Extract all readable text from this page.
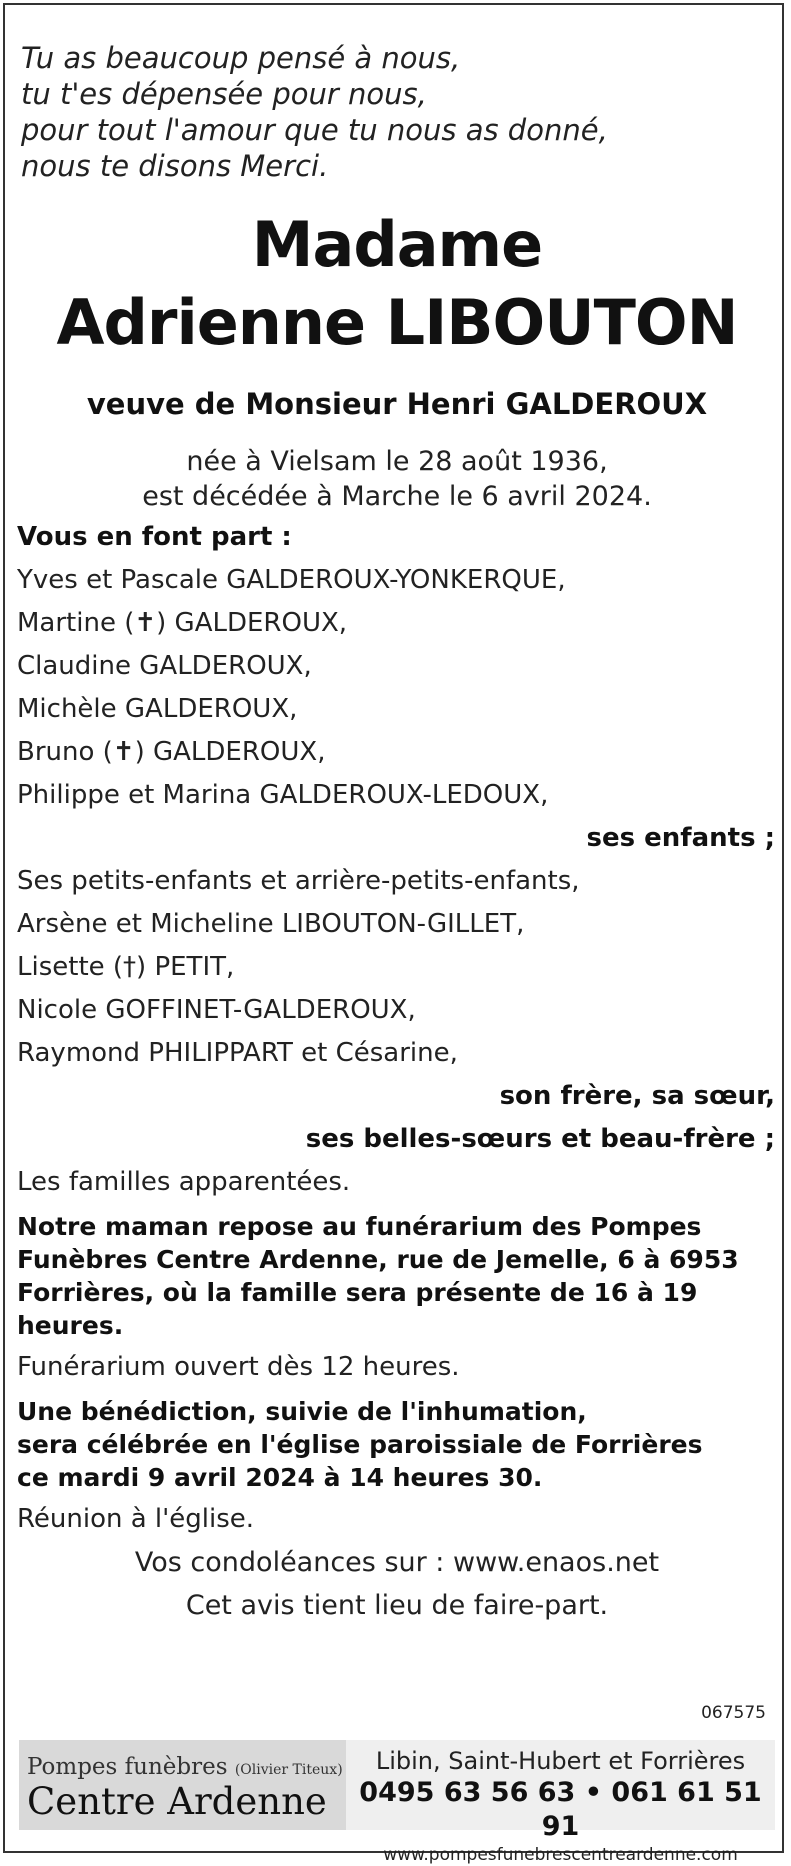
Tu as beaucoup pensé à nous,
tu t'es dépensée pour nous,
pour tout l'amour que tu nous as donné,
nous te disons Merci.
Madame
Adrienne LIBOUTON
veuve de Monsieur Henri GALDEROUX
née à Vielsam le 28 août 1936,
est décédée à Marche le 6 avril 2024.
Vous en font part :
Yves et Pascale GALDEROUX-YONKERQUE,
Martine (✝) GALDEROUX,
Claudine GALDEROUX,
Michèle GALDEROUX,
Bruno (✝) GALDEROUX,
Philippe et Marina GALDEROUX-LEDOUX,
ses enfants ;
Ses petits-enfants et arrière-petits-enfants,
Arsène et Micheline LIBOUTON-GILLET,
Lisette (†) PETIT,
Nicole GOFFINET-GALDEROUX,
Raymond PHILIPPART et Césarine,
son frère, sa sœur,
ses belles-sœurs et beau-frère ;
Les familles apparentées.
Notre maman repose au funérarium des Pompes
Funèbres Centre Ardenne, rue de Jemelle, 6 à 6953
Forrières, où la famille sera présente de 16 à 19 heures.
Funérarium ouvert dès 12 heures.
Une bénédiction, suivie de l'inhumation,
sera célébrée en l'église paroissiale de Forrières
ce mardi 9 avril 2024 à 14 heures 30.
Réunion à l'église.
Vos condoléances sur : www.enaos.net
Cet avis tient lieu de faire-part.
067575
Pompes funèbres (Olivier Titeux)
Centre Ardenne
Libin, Saint-Hubert et Forrières
0495 63 56 63 • 061 61 51 91
www.pompesfunebrescentreardenne.com
